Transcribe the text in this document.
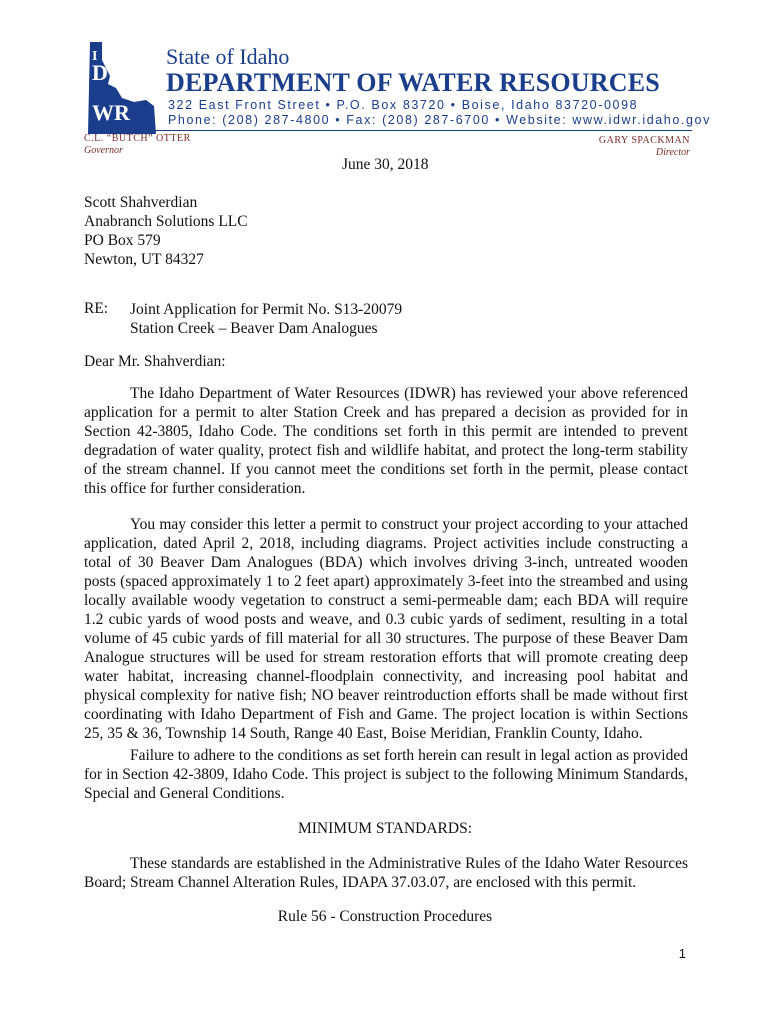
D
WR
I	State of Idaho
DEPARTMENT OF WATER RESOURCES
322 East Front Street • P.O. Box 83720 • Boise, Idaho 83720-0098
Phone: (208) 287-4800 • Fax: (208) 287-6700 • Website: www.idwr.idaho.gov
C.L. “BUTCH” OTTER
Governor
GARY SPACKMAN
Director
June 30, 2018
Scott Shahverdian
Anabranch Solutions LLC
PO Box 579
Newton, UT 84327
RE: Joint Application for Permit No. S13-20079
Station Creek – Beaver Dam Analogues
Dear Mr. Shahverdian:

The Idaho Department of Water Resources (IDWR) has reviewed your above referenced application for a permit to alter Station Creek and has prepared a decision as provided for in Section 42-3805, Idaho Code. The conditions set forth in this permit are intended to prevent degradation of water quality, protect fish and wildlife habitat, and protect the long-term stability of the stream channel. If you cannot meet the conditions set forth in the permit, please contact this office for further consideration.

You may consider this letter a permit to construct your project according to your attached application, dated April 2, 2018, including diagrams. Project activities include constructing a total of 30 Beaver Dam Analogues (BDA) which involves driving 3-inch, untreated wooden posts (spaced approximately 1 to 2 feet apart) approximately 3-feet into the streambed and using locally available woody vegetation to construct a semi-permeable dam; each BDA will require 1.2 cubic yards of wood posts and weave, and 0.3 cubic yards of sediment, resulting in a total volume of 45 cubic yards of fill material for all 30 structures. The purpose of these Beaver Dam Analogue structures will be used for stream restoration efforts that will promote creating deep water habitat, increasing channel-floodplain connectivity, and increasing pool habitat and physical complexity for native fish; NO beaver reintroduction efforts shall be made without first coordinating with Idaho Department of Fish and Game. The project location is within Sections 25, 35 & 36, Township 14 South, Range 40 East, Boise Meridian, Franklin County, Idaho.

Failure to adhere to the conditions as set forth herein can result in legal action as provided for in Section 42-3809, Idaho Code. This project is subject to the following Minimum Standards, Special and General Conditions.

MINIMUM STANDARDS:

These standards are established in the Administrative Rules of the Idaho Water Resources Board; Stream Channel Alteration Rules, IDAPA 37.03.07, are enclosed with this permit.

Rule 56 - Construction Procedures
1
